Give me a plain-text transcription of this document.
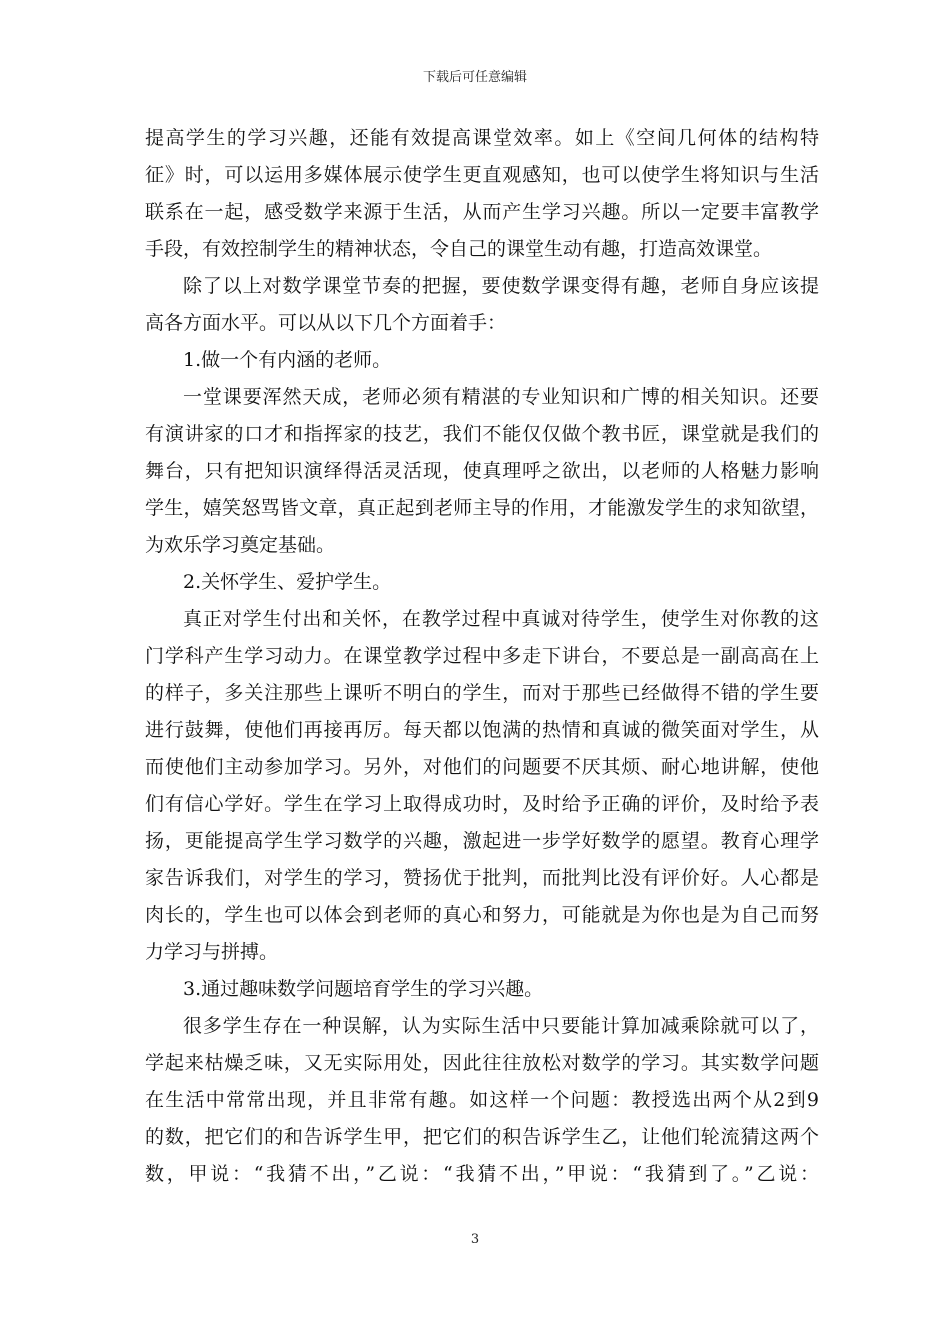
下载后可任意编辑
提高学生的学习兴趣，还能有效提高课堂效率。如上《空间几何体的结构特
征》时，可以运用多媒体展示使学生更直观感知，也可以使学生将知识与生活
联系在一起，感受数学来源于生活，从而产生学习兴趣。所以一定要丰富教学
手段，有效控制学生的精神状态，令自己的课堂生动有趣，打造高效课堂。
除了以上对数学课堂节奏的把握，要使数学课变得有趣，老师自身应该提
高各方面水平。可以从以下几个方面着手：
1.做一个有内涵的老师。
一堂课要浑然天成，老师必须有精湛的专业知识和广博的相关知识。还要
有演讲家的口才和指挥家的技艺，我们不能仅仅做个教书匠，课堂就是我们的
舞台，只有把知识演绎得活灵活现，使真理呼之欲出，以老师的人格魅力影响
学生，嬉笑怒骂皆文章，真正起到老师主导的作用，才能激发学生的求知欲望，
为欢乐学习奠定基础。
2.关怀学生、爱护学生。
真正对学生付出和关怀，在教学过程中真诚对待学生，使学生对你教的这
门学科产生学习动力。在课堂教学过程中多走下讲台，不要总是一副高高在上
的样子，多关注那些上课听不明白的学生，而对于那些已经做得不错的学生要
进行鼓舞，使他们再接再厉。每天都以饱满的热情和真诚的微笑面对学生，从
而使他们主动参加学习。另外，对他们的问题要不厌其烦、耐心地讲解，使他
们有信心学好。学生在学习上取得成功时，及时给予正确的评价，及时给予表
扬，更能提高学生学习数学的兴趣，激起进一步学好数学的愿望。教育心理学
家告诉我们，对学生的学习，赞扬优于批判，而批判比没有评价好。人心都是
肉长的，学生也可以体会到老师的真心和努力，可能就是为你也是为自己而努
力学习与拼搏。
3.通过趣味数学问题培育学生的学习兴趣。
很多学生存在一种误解，认为实际生活中只要能计算加减乘除就可以了，
学起来枯燥乏味，又无实际用处，因此往往放松对数学的学习。其实数学问题
在生活中常常出现，并且非常有趣。如这样一个问题：教授选出两个从2到9
的数，把它们的和告诉学生甲，把它们的积告诉学生乙，让他们轮流猜这两个
数，甲说：“我猜不出，”乙说：“我猜不出，”甲说：“我猜到了。”乙说：
3
